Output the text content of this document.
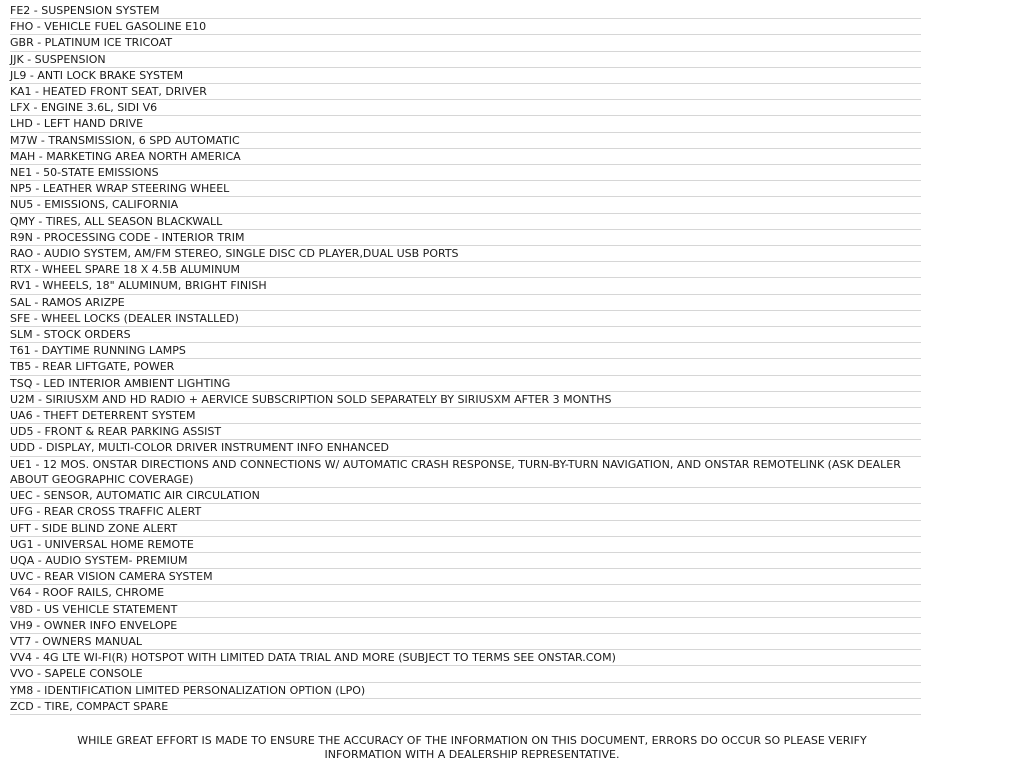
FE2 - SUSPENSION SYSTEM
FHO - VEHICLE FUEL GASOLINE E10
GBR - PLATINUM ICE TRICOAT
JJK - SUSPENSION
JL9 - ANTI LOCK BRAKE SYSTEM
KA1 - HEATED FRONT SEAT, DRIVER
LFX - ENGINE 3.6L, SIDI V6
LHD - LEFT HAND DRIVE
M7W - TRANSMISSION, 6 SPD AUTOMATIC
MAH - MARKETING AREA NORTH AMERICA
NE1 - 50-STATE EMISSIONS
NP5 - LEATHER WRAP STEERING WHEEL
NU5 - EMISSIONS, CALIFORNIA
QMY - TIRES, ALL SEASON BLACKWALL
R9N - PROCESSING CODE - INTERIOR TRIM
RAO - AUDIO SYSTEM, AM/FM STEREO, SINGLE DISC CD PLAYER,DUAL USB PORTS
RTX - WHEEL SPARE 18 X 4.5B ALUMINUM
RV1 - WHEELS, 18" ALUMINUM, BRIGHT FINISH
SAL - RAMOS ARIZPE
SFE - WHEEL LOCKS (DEALER INSTALLED)
SLM - STOCK ORDERS
T61 - DAYTIME RUNNING LAMPS
TB5 - REAR LIFTGATE, POWER
TSQ - LED INTERIOR AMBIENT LIGHTING
U2M - SIRIUSXM AND HD RADIO + AERVICE SUBSCRIPTION SOLD SEPARATELY BY SIRIUSXM AFTER 3 MONTHS
UA6 - THEFT DETERRENT SYSTEM
UD5 - FRONT & REAR PARKING ASSIST
UDD - DISPLAY, MULTI-COLOR DRIVER INSTRUMENT INFO ENHANCED
UE1 - 12 MOS. ONSTAR DIRECTIONS AND CONNECTIONS W/ AUTOMATIC CRASH RESPONSE, TURN-BY-TURN NAVIGATION, AND ONSTAR REMOTELINK (ASK DEALER ABOUT GEOGRAPHIC COVERAGE)
UEC - SENSOR, AUTOMATIC AIR CIRCULATION
UFG - REAR CROSS TRAFFIC ALERT
UFT - SIDE BLIND ZONE ALERT
UG1 - UNIVERSAL HOME REMOTE
UQA - AUDIO SYSTEM- PREMIUM
UVC - REAR VISION CAMERA SYSTEM
V64 - ROOF RAILS, CHROME
V8D - US VEHICLE STATEMENT
VH9 - OWNER INFO ENVELOPE
VT7 - OWNERS MANUAL
VV4 - 4G LTE WI-FI(R) HOTSPOT WITH LIMITED DATA TRIAL AND MORE (SUBJECT TO TERMS SEE ONSTAR.COM)
VVO - SAPELE CONSOLE
YM8 - IDENTIFICATION LIMITED PERSONALIZATION OPTION (LPO)
ZCD - TIRE, COMPACT SPARE
WHILE GREAT EFFORT IS MADE TO ENSURE THE ACCURACY OF THE INFORMATION ON THIS DOCUMENT, ERRORS DO OCCUR SO PLEASE VERIFY
INFORMATION WITH A DEALERSHIP REPRESENTATIVE.
